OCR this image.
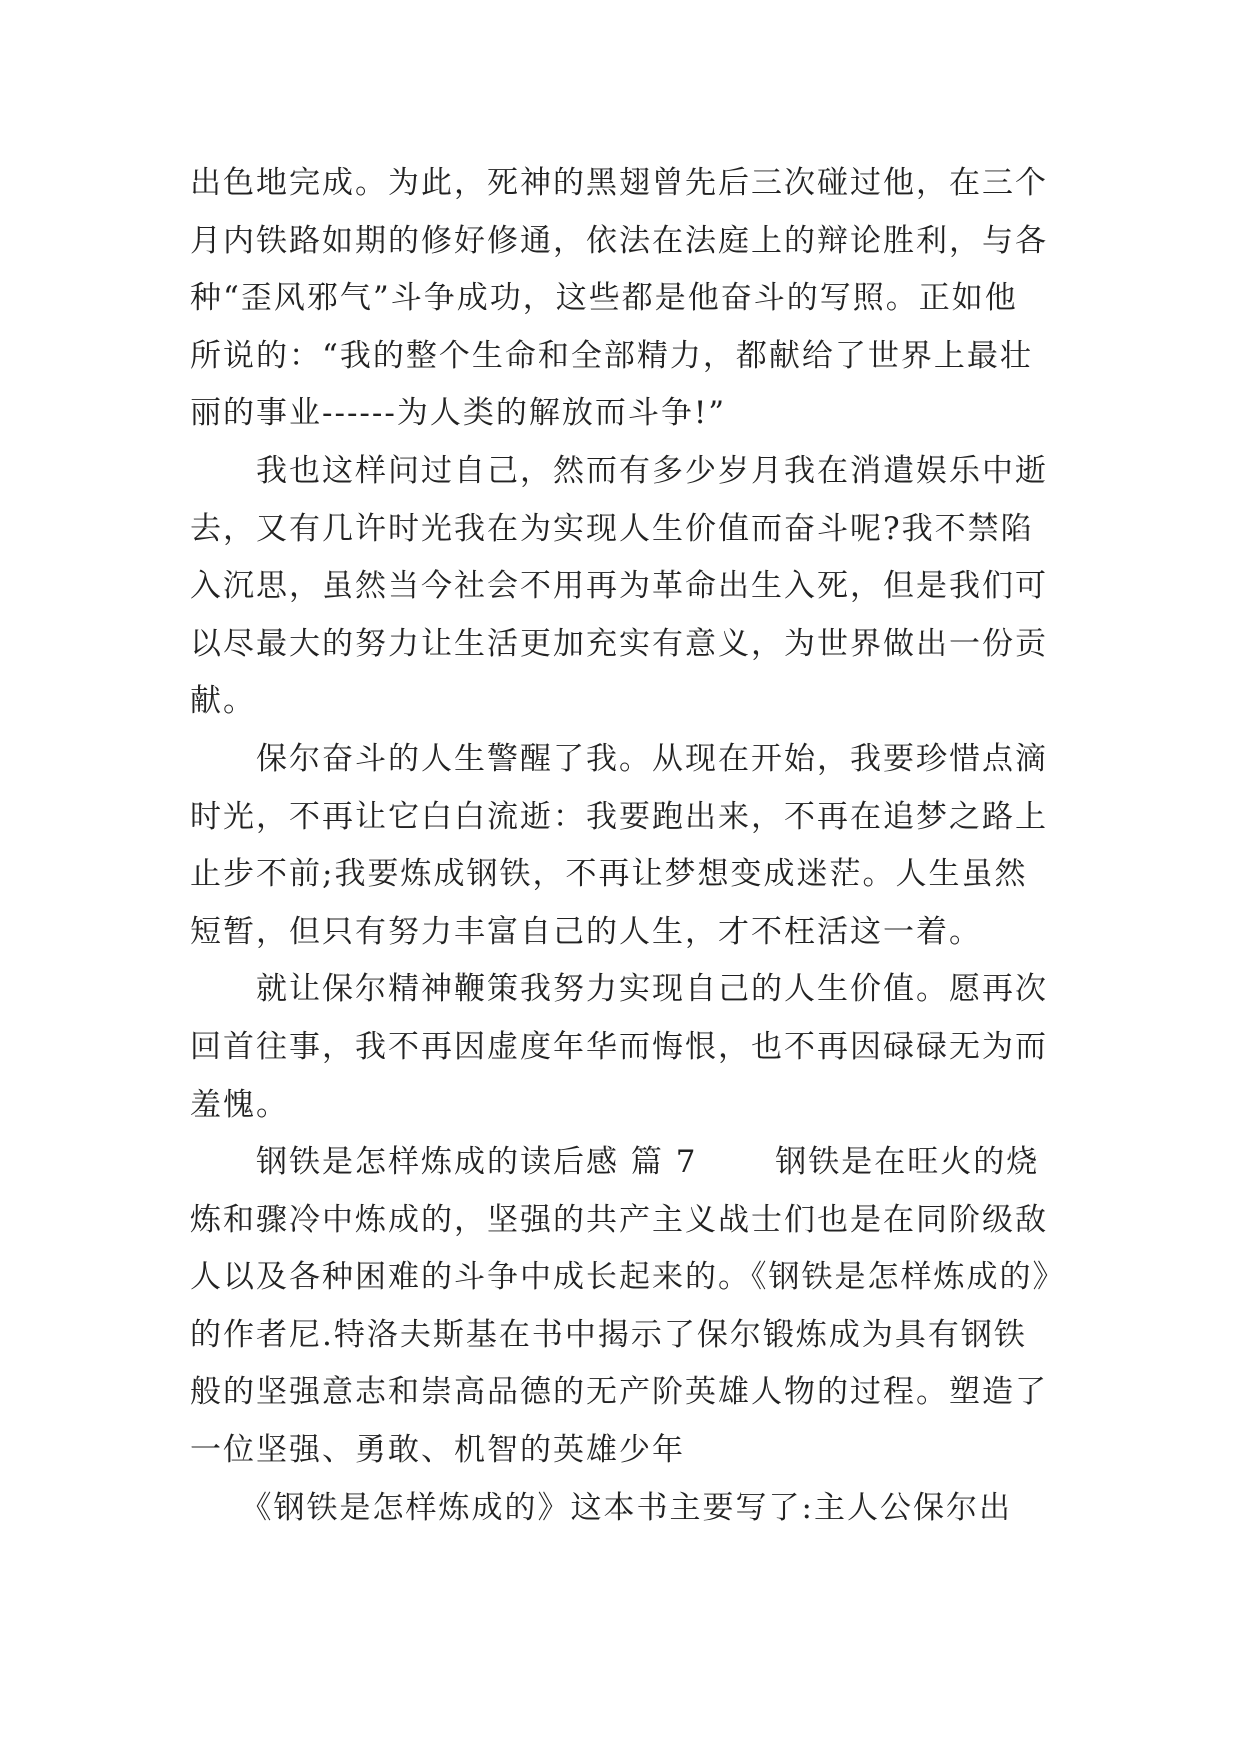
出色地完成。为此，死神的黑翅曾先后三次碰过他，在三个
月内铁路如期的修好修通，依法在法庭上的辩论胜利，与各
种“歪风邪气”斗争成功，这些都是他奋斗的写照。正如他
所说的：“我的整个生命和全部精力，都献给了世界上最壮
丽的事业------为人类的解放而斗争!”

　　我也这样问过自己，然而有多少岁月我在消遣娱乐中逝
去，又有几许时光我在为实现人生价值而奋斗呢?我不禁陷
入沉思，虽然当今社会不用再为革命出生入死，但是我们可
以尽最大的努力让生活更加充实有意义，为世界做出一份贡
献。

　　保尔奋斗的人生警醒了我。从现在开始，我要珍惜点滴
时光，不再让它白白流逝：我要跑出来，不再在追梦之路上
止步不前;我要炼成钢铁，不再让梦想变成迷茫。人生虽然
短暂，但只有努力丰富自己的人生，才不枉活这一着。

　　就让保尔精神鞭策我努力实现自己的人生价值。愿再次
回首往事，我不再因虚度年华而悔恨，也不再因碌碌无为而
羞愧。

　　钢铁是怎样炼成的读后感 篇 7　　 钢铁是在旺火的烧
炼和骤冷中炼成的，坚强的共产主义战士们也是在同阶级敌
人以及各种困难的斗争中成长起来的。《钢铁是怎样炼成的》
的作者尼.特洛夫斯基在书中揭示了保尔锻炼成为具有钢铁
般的坚强意志和崇高品德的无产阶英雄人物的过程。塑造了
一位坚强、勇敢、机智的英雄少年

　　《钢铁是怎样炼成的》这本书主要写了:主人公保尔出
